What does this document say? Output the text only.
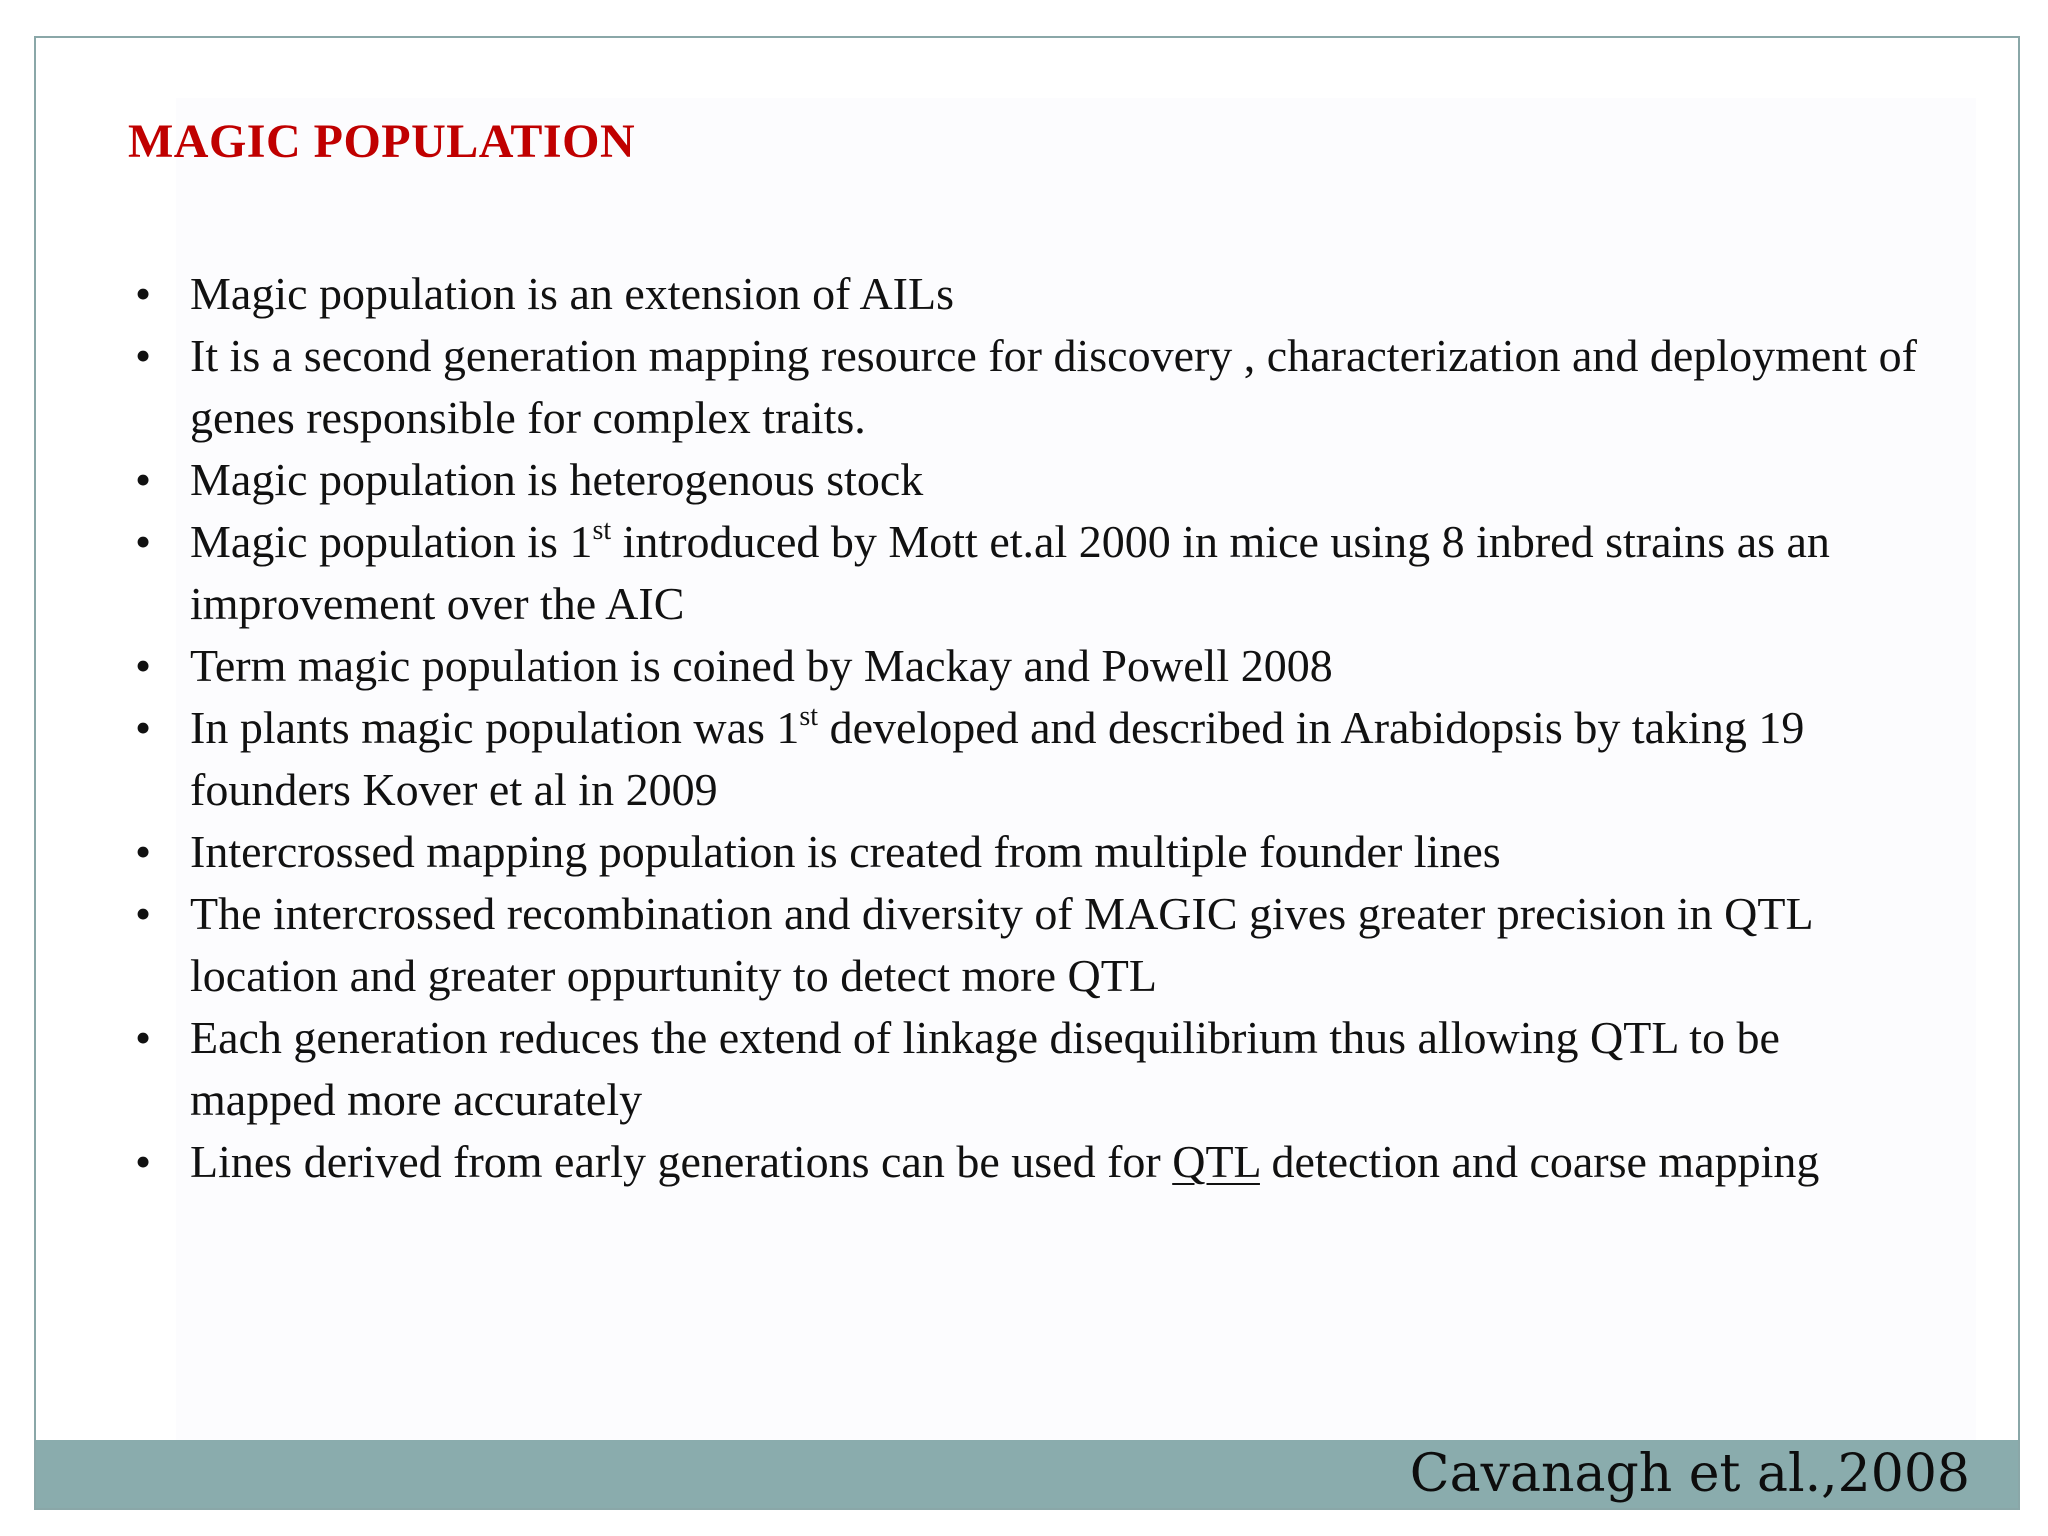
MAGIC POPULATION
• Magic population is an extension of AILs
• It is a second generation mapping resource for discovery , characterization and deployment of genes responsible for complex traits.
• Magic population is heterogenous stock
• Magic population is 1st introduced by Mott et.al 2000 in mice using 8 inbred strains as an improvement over the AIC
• Term magic population is coined by Mackay and Powell 2008
• In plants magic population was 1st developed and described in Arabidopsis by taking 19 founders Kover et al in 2009
• Intercrossed mapping population is created from multiple founder lines
• The intercrossed recombination and diversity of MAGIC gives greater precision in QTL location and greater oppurtunity to detect more QTL
• Each generation reduces the extend of linkage disequilibrium thus allowing QTL to be mapped more accurately
• Lines derived from early generations can be used for QTL detection and coarse mapping
Cavanagh et al.,2008
